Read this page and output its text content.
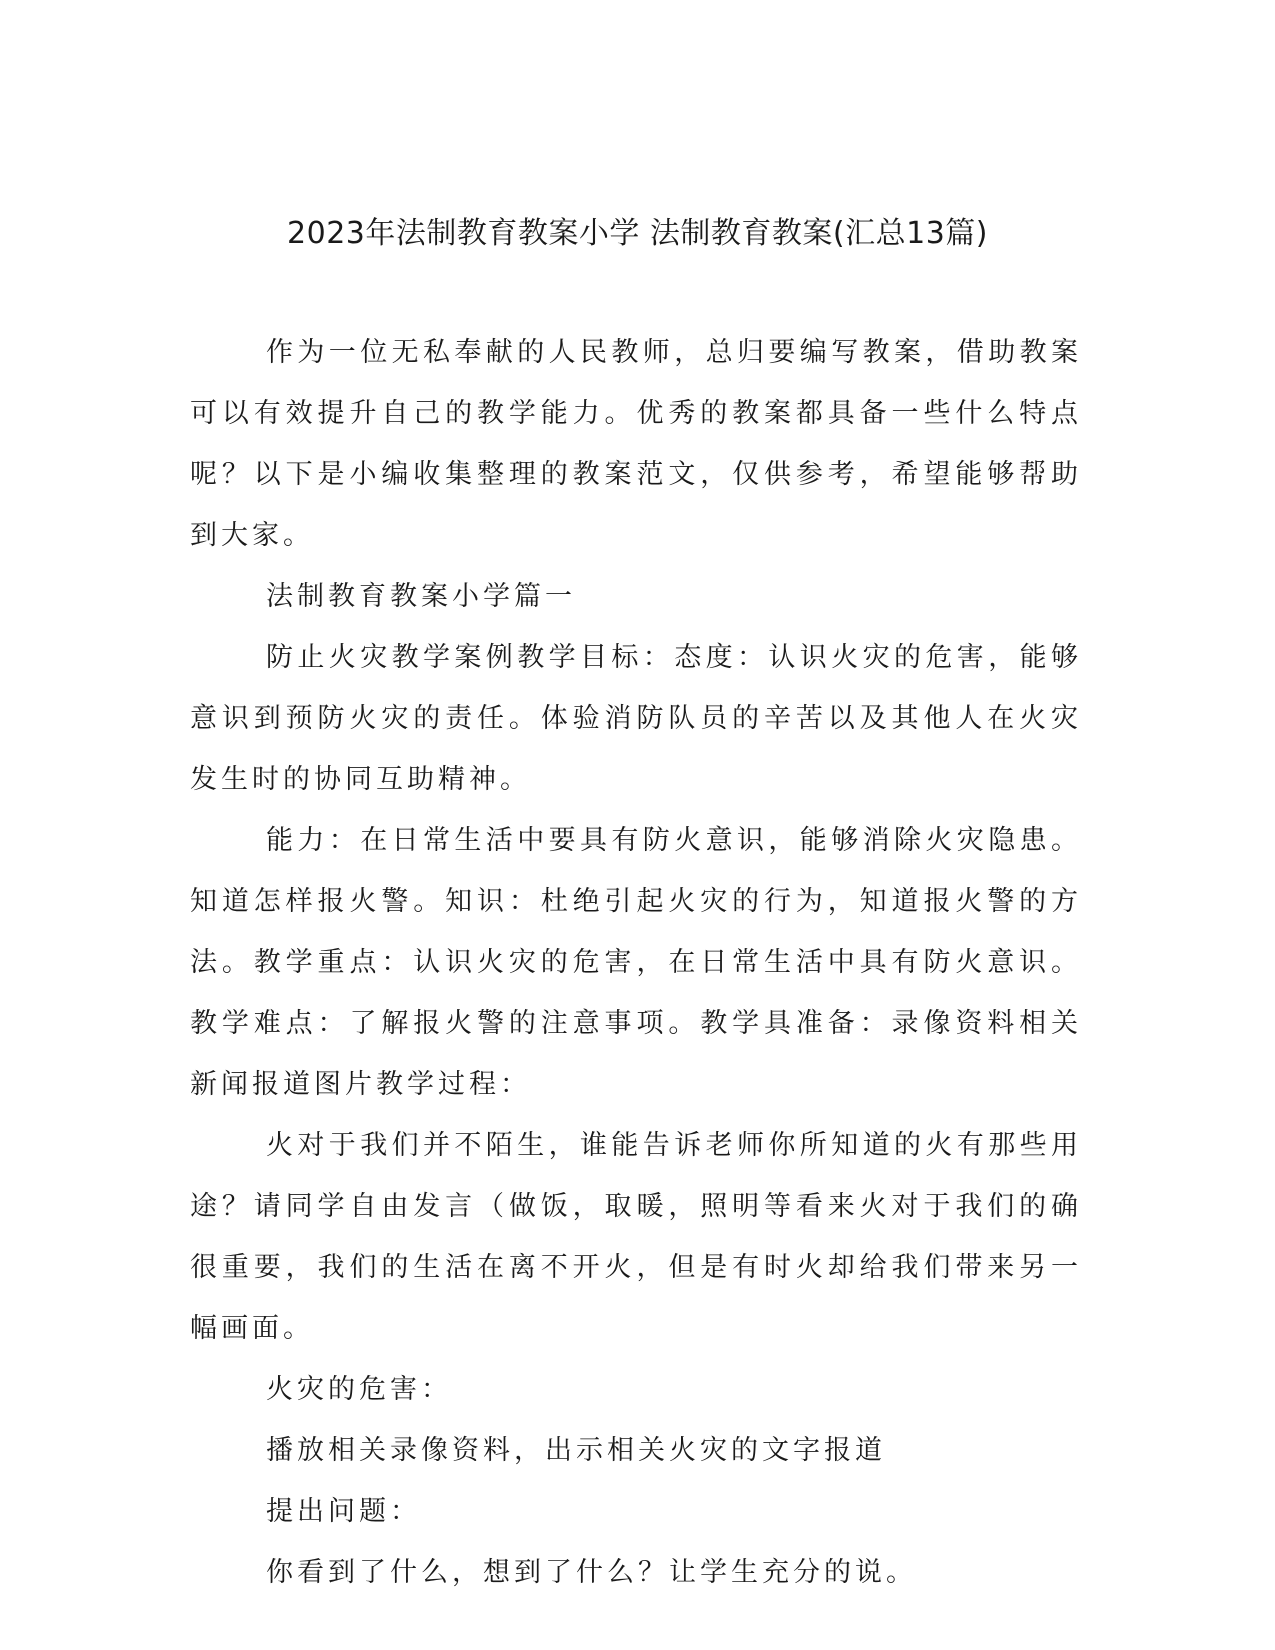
2023年法制教育教案小学 法制教育教案(汇总13篇)

作为一位无私奉献的人民教师，总归要编写教案，借助教案可以有效提升自己的教学能力。优秀的教案都具备一些什么特点呢？以下是小编收集整理的教案范文，仅供参考，希望能够帮助到大家。

法制教育教案小学篇一

防止火灾教学案例教学目标：态度：认识火灾的危害，能够意识到预防火灾的责任。体验消防队员的辛苦以及其他人在火灾发生时的协同互助精神。

能力：在日常生活中要具有防火意识，能够消除火灾隐患。知道怎样报火警。知识：杜绝引起火灾的行为，知道报火警的方法。教学重点：认识火灾的危害，在日常生活中具有防火意识。教学难点：了解报火警的注意事项。教学具准备：录像资料相关新闻报道图片教学过程：

火对于我们并不陌生，谁能告诉老师你所知道的火有那些用途？请同学自由发言（做饭，取暖，照明等看来火对于我们的确很重要，我们的生活在离不开火，但是有时火却给我们带来另一幅画面。

火灾的危害：

播放相关录像资料，出示相关火灾的文字报道

提出问题：

你看到了什么，想到了什么？让学生充分的说。
